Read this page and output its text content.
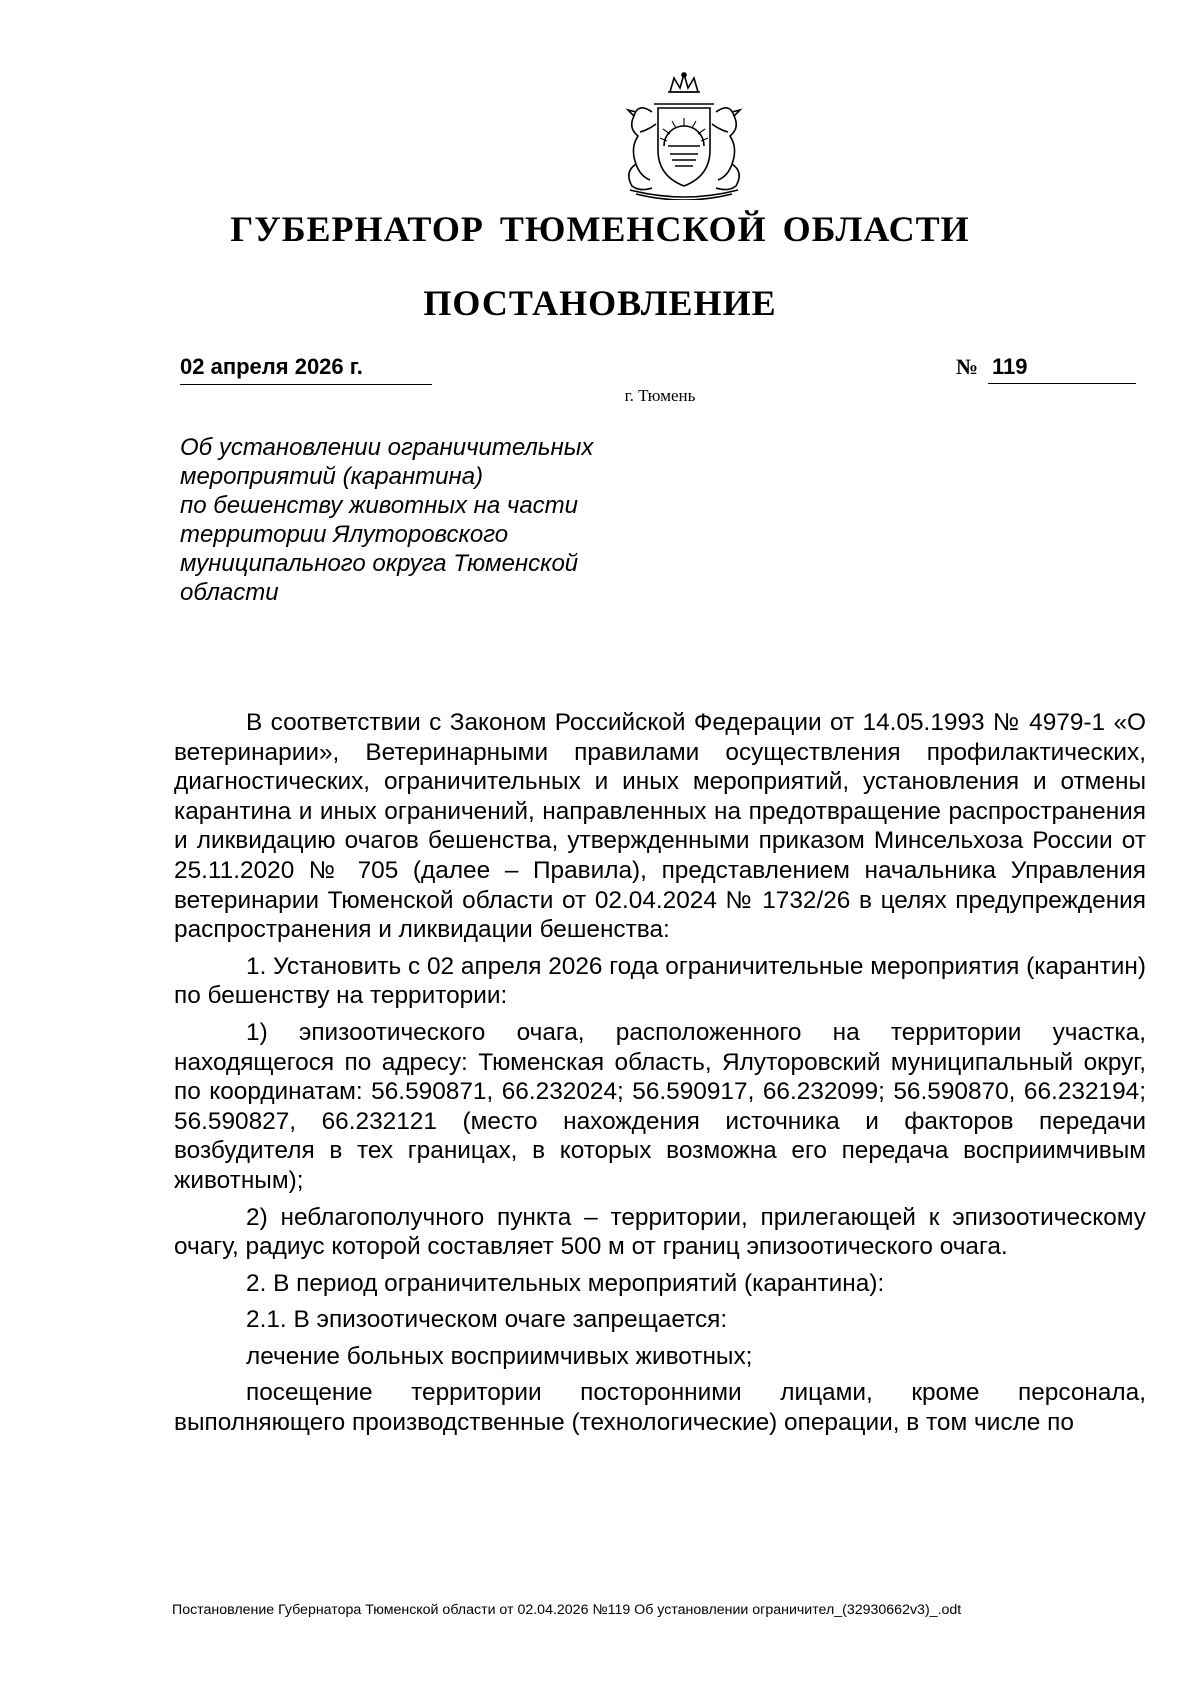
ГУБЕРНАТОР ТЮМЕНСКОЙ ОБЛАСТИ
ПОСТАНОВЛЕНИЕ
02 апреля 2026 г.	№ 119
г. Тюмень
Об установлении ограничительных
мероприятий (карантина)
по бешенству животных на части
территории Ялуторовского
муниципального округа Тюменской
области

В соответствии с Законом Российской Федерации от 14.05.1993 № 4979-1 «О ветеринарии», Ветеринарными правилами осуществления профилактических, диагностических, ограничительных и иных мероприятий, установления и отмены карантина и иных ограничений, направленных на предотвращение распространения и ликвидацию очагов бешенства, утвержденными приказом Минсельхоза России от 25.11.2020 № 705 (далее – Правила), представлением начальника Управления ветеринарии Тюменской области от 02.04.2024 № 1732/26 в целях предупреждения распространения и ликвидации бешенства:

1. Установить с 02 апреля 2026 года ограничительные мероприятия (карантин) по бешенству на территории:

1) эпизоотического очага, расположенного на территории участка, находящегося по адресу: Тюменская область, Ялуторовский муниципальный округ, по координатам: 56.590871, 66.232024; 56.590917, 66.232099; 56.590870, 66.232194; 56.590827, 66.232121 (место нахождения источника и факторов передачи возбудителя в тех границах, в которых возможна его передача восприимчивым животным);

2) неблагополучного пункта – территории, прилегающей к эпизоотическому очагу, радиус которой составляет 500 м от границ эпизоотического очага.

2. В период ограничительных мероприятий (карантина):

2.1. В эпизоотическом очаге запрещается:

лечение больных восприимчивых животных;

посещение территории посторонними лицами, кроме персонала, выполняющего производственные (технологические) операции, в том числе по

Постановление Губернатора Тюменской области от 02.04.2026 №119 Об установлении ограничител_(32930662v3)_.odt
